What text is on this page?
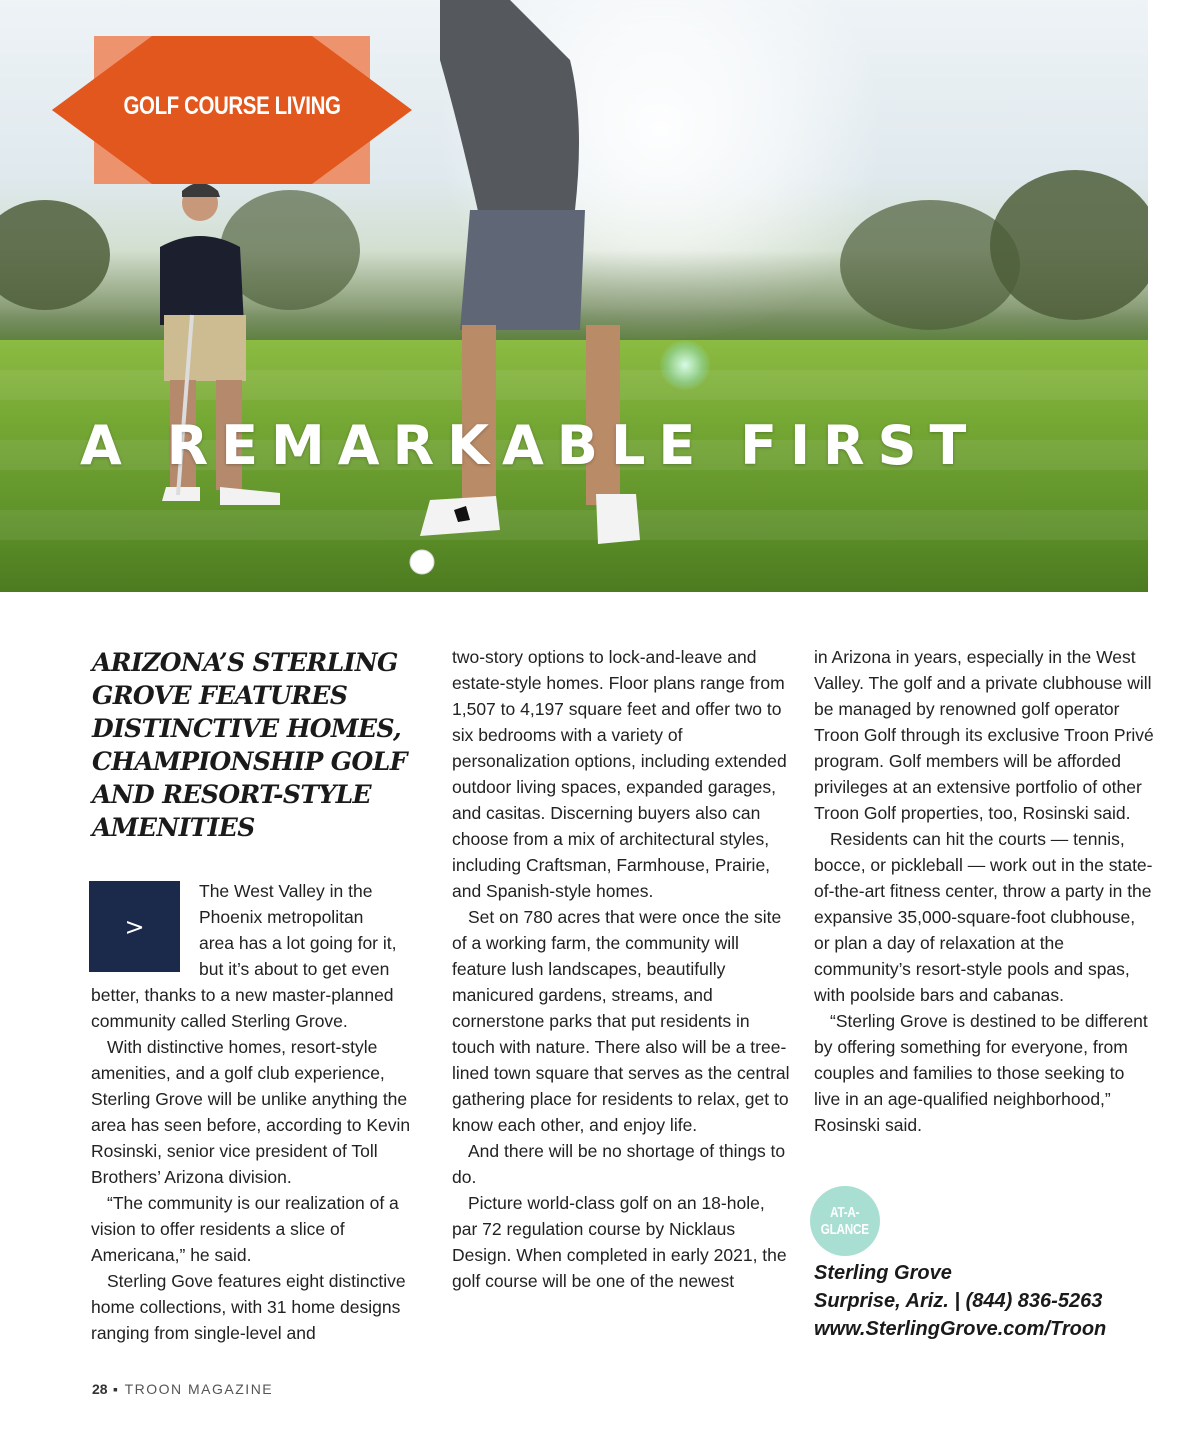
GOLF COURSE LIVING
A REMARKABLE FIRST
ARIZONA’S STERLING GROVE FEATURES DISTINCTIVE HOMES, CHAMPIONSHIP GOLF AND RESORT-STYLE AMENITIES
>
The West Valley in the
Phoenix metropolitan
area has a lot going for it,
but it’s about to get even

better, thanks to a new master-planned community called Sterling Grove.

With distinctive homes, resort-style amenities, and a golf club experience, Sterling Grove will be unlike anything the area has seen before, according to Kevin Rosinski, senior vice president of Toll Brothers’ Arizona division.

“The community is our realization of a vision to offer residents a slice of Americana,” he said.

Sterling Gove features eight distinctive home collections, with 31 home designs ranging from single-level and

two-story options to lock-and-leave and estate-style homes. Floor plans range from 1,507 to 4,197 square feet and offer two to six bedrooms with a variety of personalization options, including extended outdoor living spaces, expanded garages, and casitas. Discerning buyers also can choose from a mix of architectural styles, including Craftsman, Farmhouse, Prairie, and Spanish-style homes.

Set on 780 acres that were once the site of a working farm, the community will feature lush landscapes, beautifully manicured gardens, streams, and cornerstone parks that put residents in touch with nature. There also will be a tree-lined town square that serves as the central gathering place for residents to relax, get to know each other, and enjoy life.

And there will be no shortage of things to do.

Picture world-class golf on an 18-hole, par 72 regulation course by Nicklaus Design. When completed in early 2021, the golf course will be one of the newest

in Arizona in years, especially in the West Valley. The golf and a private clubhouse will be managed by renowned golf operator Troon Golf through its exclusive Troon Privé program. Golf members will be afforded privileges at an extensive portfolio of other Troon Golf properties, too, Rosinski said.

Residents can hit the courts — tennis, bocce, or pickleball — work out in the state-of-the-art fitness center, throw a party in the expansive 35,000-square-foot clubhouse, or plan a day of relaxation at the community’s resort-style pools and spas, with poolside bars and cabanas.

“Sterling Grove is destined to be different by offering something for everyone, from couples and families to those seeking to live in an age-qualified neighborhood,” Rosinski said.

AT-A-
GLANCE
Sterling Grove
Surprise, Ariz. | (844) 836-5263
www.SterlingGrove.com/Troon
28 ▪ TROON MAGAZINE
